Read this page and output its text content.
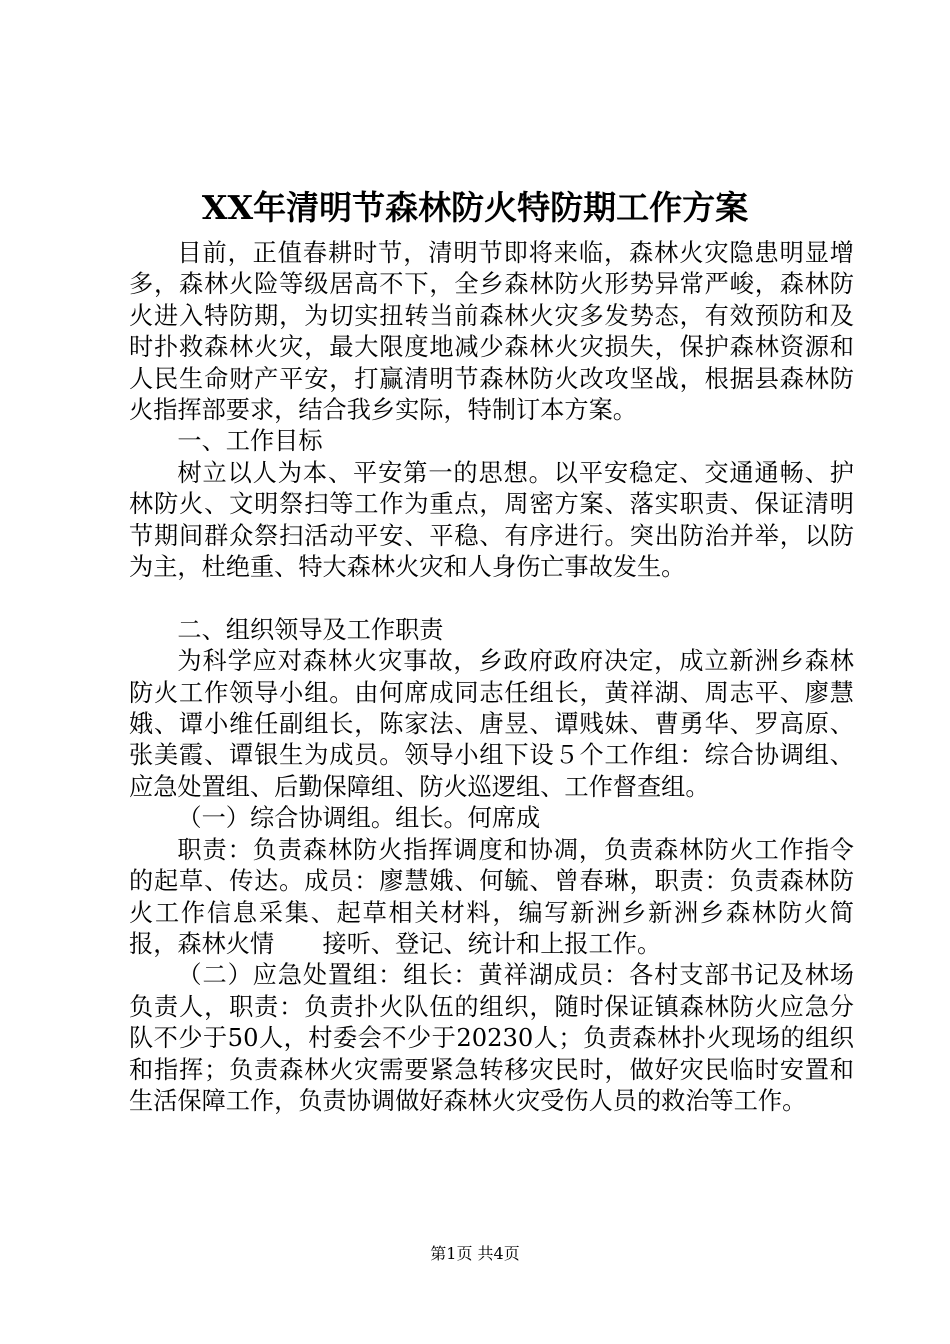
XX年清明节森林防火特防期工作方案

目前，正值春耕时节，清明节即将来临，森林火灾隐患明显增多，森林火险等级居高不下，全乡森林防火形势异常严峻，森林防火进入特防期，为切实扭转当前森林火灾多发势态，有效预防和及时扑救森林火灾，最大限度地减少森林火灾损失，保护森林资源和人民生命财产平安，打赢清明节森林防火改攻坚战，根据县森林防火指挥部要求，结合我乡实际，特制订本方案。

一、工作目标

树立以人为本、平安第一的思想。以平安稳定、交通通畅、护林防火、文明祭扫等工作为重点，周密方案、落实职责、保证清明节期间群众祭扫活动平安、平稳、有序进行。突出防治并举，以防为主，杜绝重、特大森林火灾和人身伤亡事故发生。

二、组织领导及工作职责

为科学应对森林火灾事故，乡政府政府决定，成立新洲乡森林防火工作领导小组。由何席成同志任组长，黄祥湖、周志平、廖慧娥、谭小维任副组长，陈家法、唐昱、谭贱妹、曹勇华、罗高原、张美霞、谭银生为成员。领导小组下设５个工作组：综合协调组、应急处置组、后勤保障组、防火巡逻组、工作督查组。

（一）综合协调组。组长。何席成

职责：负责森林防火指挥调度和协凋，负责森林防火工作指令的起草、传达。成员：廖慧娥、何毓、曾春琳，职责：负责森林防火工作信息采集、起草相关材料，编写新洲乡新洲乡森林防火简报，森林火情　　接听、登记、统计和上报工作。

（二）应急处置组：组长：黄祥湖成员：各村支部书记及林场负责人，职责：负责扑火队伍的组织，随时保证镇森林防火应急分队不少于50人，村委会不少于20230人；负责森林扑火现场的组织和指挥；负责森林火灾需要紧急转移灾民时，做好灾民临时安置和生活保障工作，负责协调做好森林火灾受伤人员的救治等工作。

第1页 共4页
